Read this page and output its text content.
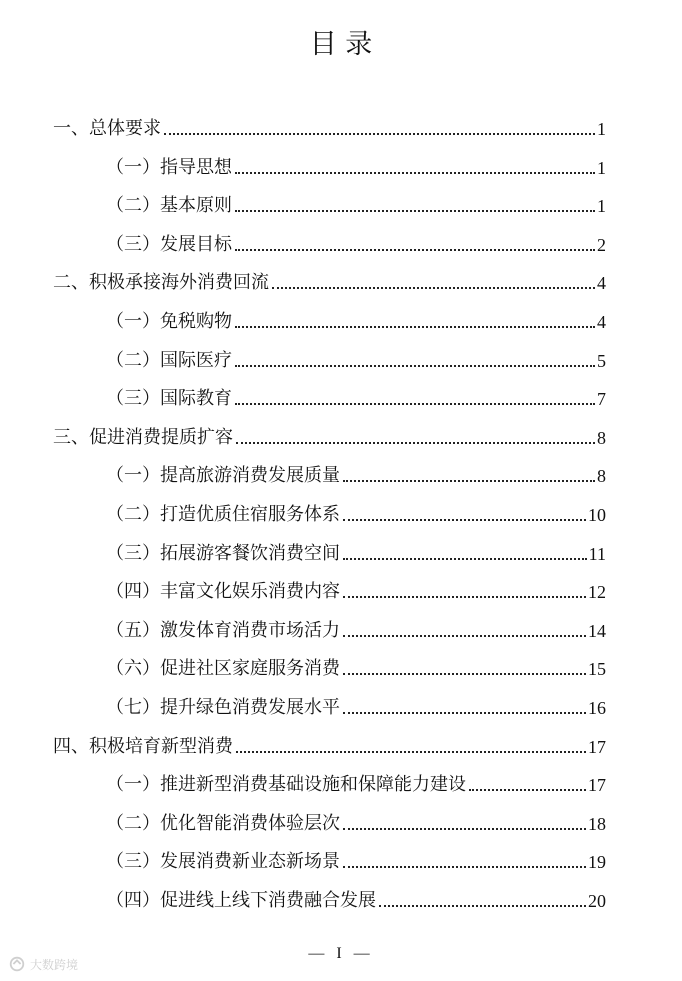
目 录
一、总体要求	1
（一）指导思想	1
（二）基本原则	1
（三）发展目标	2
二、积极承接海外消费回流	4
（一）免税购物	4
（二）国际医疗	5
（三）国际教育	7
三、促进消费提质扩容	8
（一）提高旅游消费发展质量	8
（二）打造优质住宿服务体系	10
（三）拓展游客餐饮消费空间	11
（四）丰富文化娱乐消费内容	12
（五）激发体育消费市场活力	14
（六）促进社区家庭服务消费	15
（七）提升绿色消费发展水平	16
四、积极培育新型消费	17
（一）推进新型消费基础设施和保障能力建设	17
（二）优化智能消费体验层次	18
（三）发展消费新业态新场景	19
（四）促进线上线下消费融合发展	20
— I —
大数跨境
